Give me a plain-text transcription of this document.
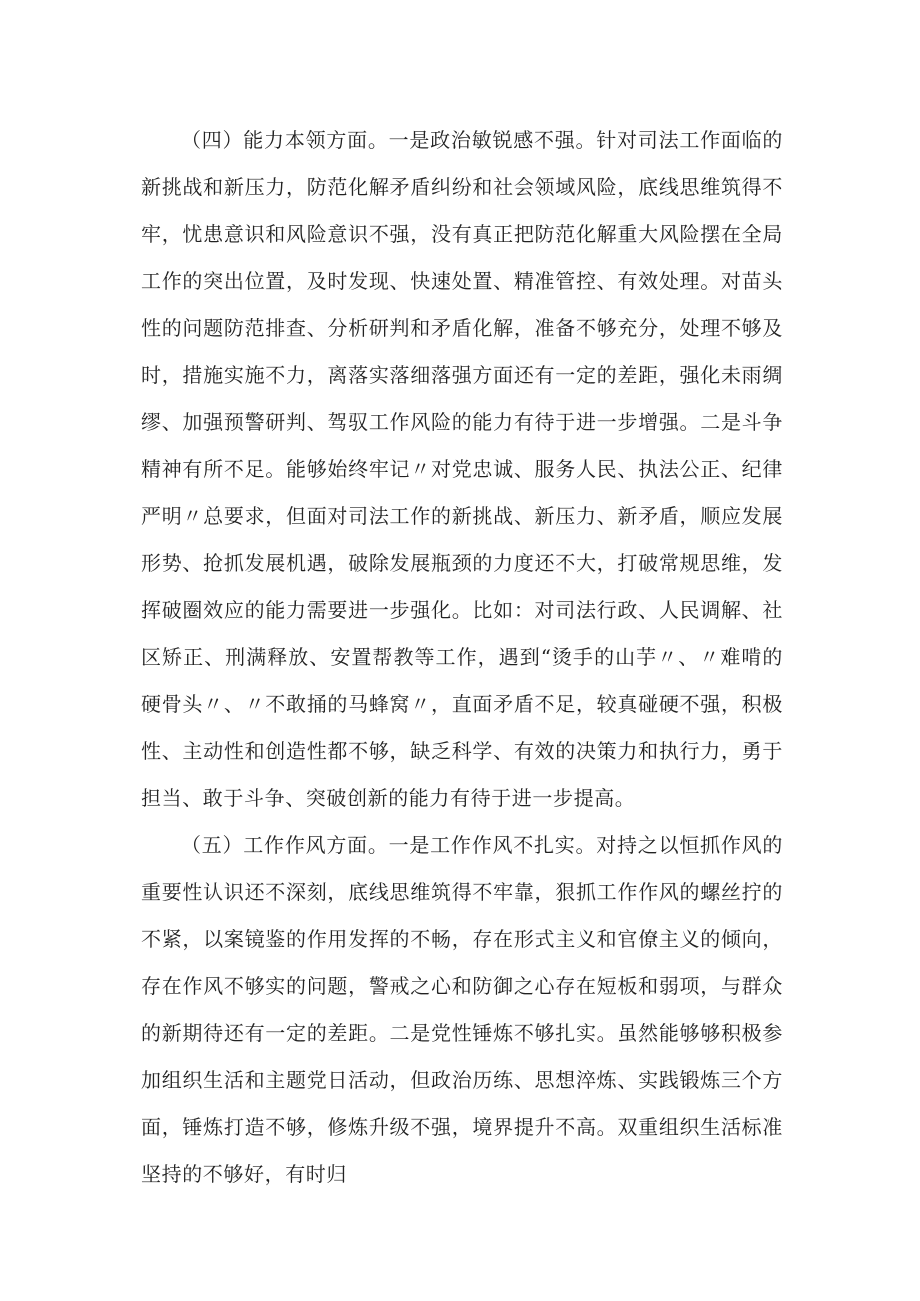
（四）能力本领方面。一是政治敏锐感不强。针对司法工作面临的新挑战和新压力，防范化解矛盾纠纷和社会领域风险，底线思维筑得不牢，忧患意识和风险意识不强，没有真正把防范化解重大风险摆在全局工作的突出位置，及时发现、快速处置、精准管控、有效处理。对苗头性的问题防范排查、分析研判和矛盾化解，准备不够充分，处理不够及时，措施实施不力，离落实落细落强方面还有一定的差距，强化未雨绸缪、加强预警研判、驾驭工作风险的能力有待于进一步增强。二是斗争精神有所不足。能够始终牢记〃对党忠诚、服务人民、执法公正、纪律严明〃总要求，但面对司法工作的新挑战、新压力、新矛盾，顺应发展形势、抢抓发展机遇，破除发展瓶颈的力度还不大，打破常规思维，发挥破圈效应的能力需要进一步强化。比如：对司法行政、人民调解、社区矫正、刑满释放、安置帮教等工作，遇到“烫手的山芋〃、〃难啃的硬骨头〃、〃不敢捅的马蜂窝〃，直面矛盾不足，较真碰硬不强，积极性、主动性和创造性都不够，缺乏科学、有效的决策力和执行力，勇于担当、敢于斗争、突破创新的能力有待于进一步提高。

（五）工作作风方面。一是工作作风不扎实。对持之以恒抓作风的重要性认识还不深刻，底线思维筑得不牢靠，狠抓工作作风的螺丝拧的不紧，以案镜鉴的作用发挥的不畅，存在形式主义和官僚主义的倾向，存在作风不够实的问题，警戒之心和防御之心存在短板和弱项，与群众的新期待还有一定的差距。二是党性锤炼不够扎实。虽然能够够积极参加组织生活和主题党日活动，但政治历练、思想淬炼、实践锻炼三个方面，锤炼打造不够，修炼升级不强，境界提升不高。双重组织生活标准坚持的不够好，有时归
